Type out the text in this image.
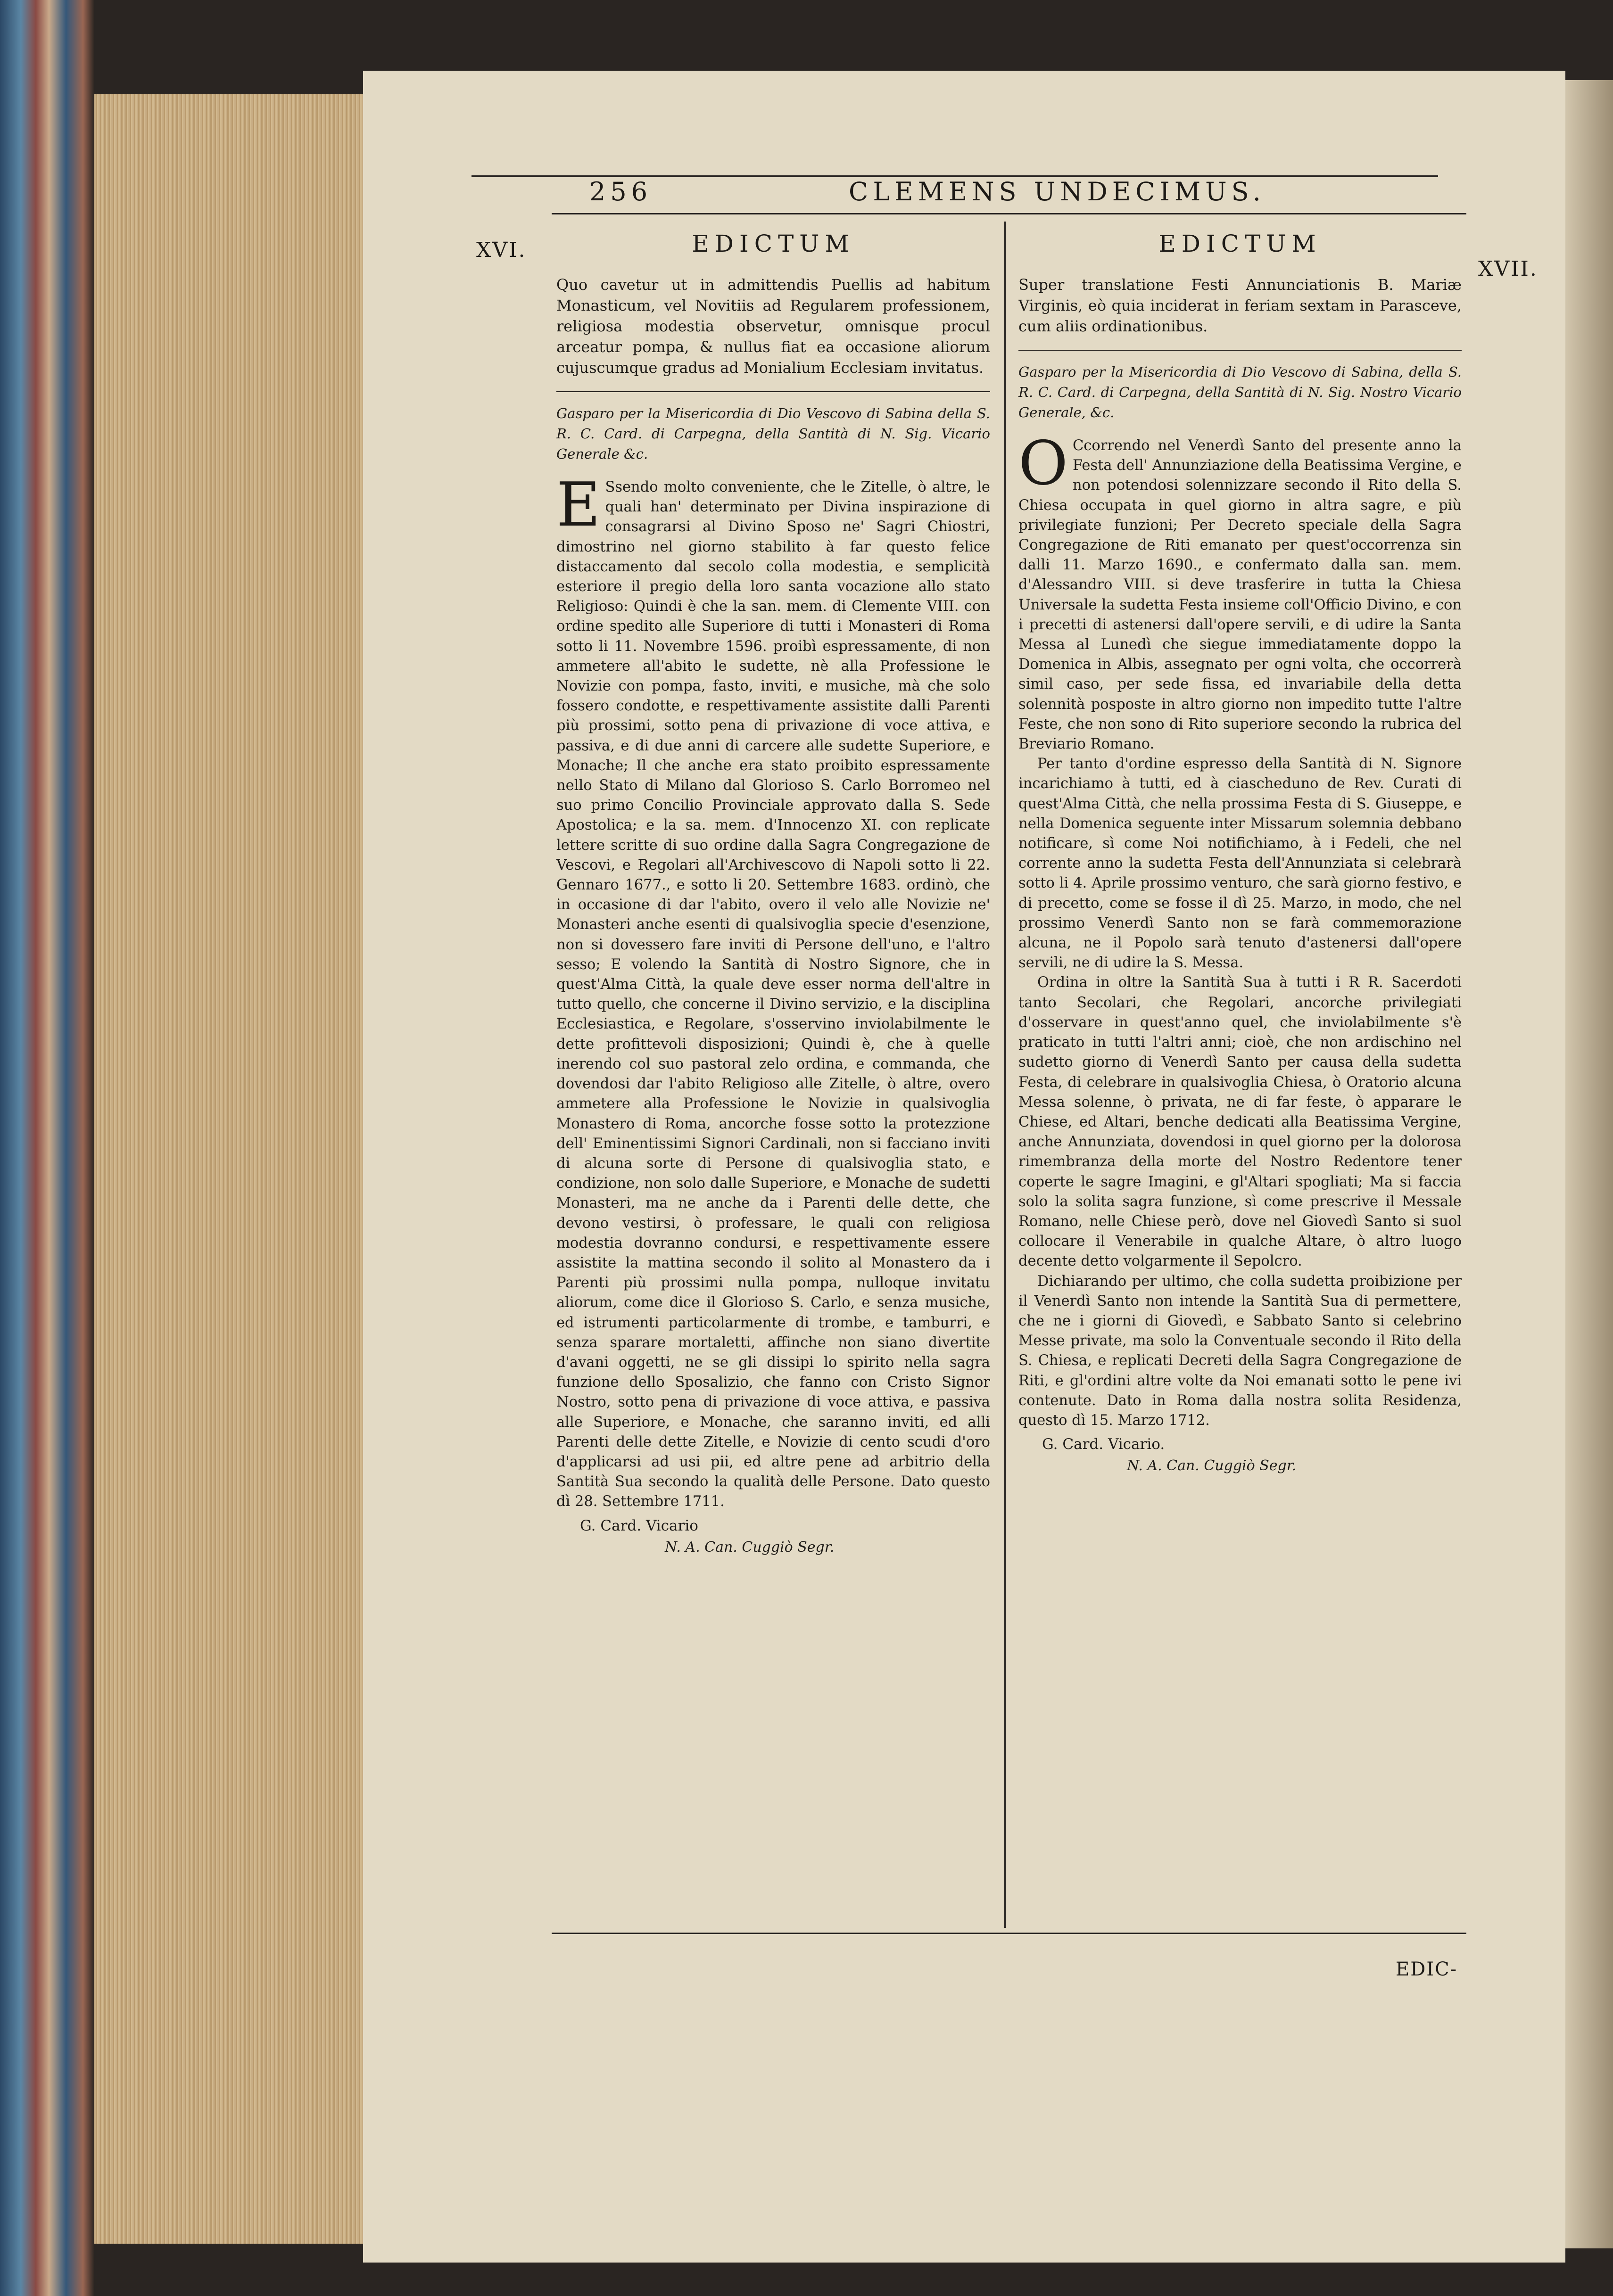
256	CLEMENS UNDECIMUS.
XVI.
XVII.
EDICTUM
Quo cavetur ut in admittendis Puellis ad habitum Monasticum, vel Novitiis ad Regularem professionem, religiosa modestia observetur, omnisque procul arceatur pompa, & nullus fiat ea occasione aliorum cujuscumque gradus ad Monialium Ecclesiam invitatus.
Gasparo per la Misericordia di Dio Vescovo di Sabina della S. R. C. Card. di Carpegna, della Santità di N. Sig. Vicario Generale &c.
E Ssendo molto conveniente, che le Zitelle, ò altre, le quali han' determinato per Divina inspirazione di consagrarsi al Divino Sposo ne' Sagri Chiostri, dimostrino nel giorno stabilito à far questo felice distaccamento dal secolo colla modestia, e semplicità esteriore il pregio della loro santa vocazione allo stato Religioso: Quindi è che la san. mem. di Clemente VIII. con ordine spedito alle Superiore di tutti i Monasteri di Roma sotto li 11. Novembre 1596. proibì espressamente, di non ammetere all'abito le sudette, nè alla Professione le Novizie con pompa, fasto, inviti, e musiche, mà che solo fossero condotte, e respettivamente assistite dalli Parenti più prossimi, sotto pena di privazione di voce attiva, e passiva, e di due anni di carcere alle sudette Superiore, e Monache; Il che anche era stato proibito espressamente nello Stato di Milano dal Glorioso S. Carlo Borromeo nel suo primo Concilio Provinciale approvato dalla S. Sede Apostolica; e la sa. mem. d'Innocenzo XI. con replicate lettere scritte di suo ordine dalla Sagra Congregazione de Vescovi, e Regolari all'Archivescovo di Napoli sotto li 22. Gennaro 1677., e sotto li 20. Settembre 1683. ordinò, che in occasione di dar l'abito, overo il velo alle Novizie ne' Monasteri anche esenti di qualsivoglia specie d'esenzione, non si dovessero fare inviti di Persone dell'uno, e l'altro sesso; E volendo la Santità di Nostro Signore, che in quest'Alma Città, la quale deve esser norma dell'altre in tutto quello, che concerne il Divino servizio, e la disciplina Ecclesiastica, e Regolare, s'osservino inviolabilmente le dette profittevoli disposizioni; Quindi è, che à quelle inerendo col suo pastoral zelo ordina, e commanda, che dovendosi dar l'abito Religioso alle Zitelle, ò altre, overo ammetere alla Professione le Novizie in qualsivoglia Monastero di Roma, ancorche fosse sotto la protezzione dell' Eminentissimi Signori Cardinali, non si facciano inviti di alcuna sorte di Persone di qualsivoglia stato, e condizione, non solo dalle Superiore, e Monache de sudetti Monasteri, ma ne anche da i Parenti delle dette, che devono vestirsi, ò professare, le quali con religiosa modestia dovranno condursi, e respettivamente essere assistite la mattina secondo il solito al Monastero da i Parenti più prossimi nulla pompa, nulloque invitatu aliorum, come dice il Glorioso S. Carlo, e senza musiche, ed istrumenti particolarmente di trombe, e tamburri, e senza sparare mortaletti, affinche non siano divertite d'avani oggetti, ne se gli dissipi lo spirito nella sagra funzione dello Sposalizio, che fanno con Cristo Signor Nostro, sotto pena di privazione di voce attiva, e passiva alle Superiore, e Monache, che saranno inviti, ed alli Parenti delle dette Zitelle, e Novizie di cento scudi d'oro d'applicarsi ad usi pii, ed altre pene ad arbitrio della Santità Sua secondo la qualità delle Persone. Dato questo dì 28. Settembre 1711.

G. Card. Vicario
N. A. Can. Cuggiò Segr.
EDICTUM
Super translatione Festi Annunciationis B. Mariæ Virginis, eò quia inciderat in feriam sextam in Parasceve, cum aliis ordinationibus.
Gasparo per la Misericordia di Dio Vescovo di Sabina, della S. R. C. Card. di Carpegna, della Santità di N. Sig. Nostro Vicario Generale, &c.
O Ccorrendo nel Venerdì Santo del presente anno la Festa dell' Annunziazione della Beatissima Vergine, e non potendosi solennizzare secondo il Rito della S. Chiesa occupata in quel giorno in altra sagre, e più privilegiate funzioni; Per Decreto speciale della Sagra Congregazione de Riti emanato per quest'occorrenza sin dalli 11. Marzo 1690., e confermato dalla san. mem. d'Alessandro VIII. si deve trasferire in tutta la Chiesa Universale la sudetta Festa insieme coll'Officio Divino, e con i precetti di astenersi dall'opere servili, e di udire la Santa Messa al Lunedì che siegue immediatamente doppo la Domenica in Albis, assegnato per ogni volta, che occorrerà simil caso, per sede fissa, ed invariabile della detta solennità posposte in altro giorno non impedito tutte l'altre Feste, che non sono di Rito superiore secondo la rubrica del Breviario Romano.

Per tanto d'ordine espresso della Santità di N. Signore incarichiamo à tutti, ed à ciascheduno de Rev. Curati di quest'Alma Città, che nella prossima Festa di S. Giuseppe, e nella Domenica seguente inter Missarum solemnia debbano notificare, sì come Noi notifichiamo, à i Fedeli, che nel corrente anno la sudetta Festa dell'Annunziata si celebrarà sotto li 4. Aprile prossimo venturo, che sarà giorno festivo, e di precetto, come se fosse il dì 25. Marzo, in modo, che nel prossimo Venerdì Santo non se farà commemorazione alcuna, ne il Popolo sarà tenuto d'astenersi dall'opere servili, ne di udire la S. Messa.

Ordina in oltre la Santità Sua à tutti i R R. Sacerdoti tanto Secolari, che Regolari, ancorche privilegiati d'osservare in quest'anno quel, che inviolabilmente s'è praticato in tutti l'altri anni; cioè, che non ardischino nel sudetto giorno di Venerdì Santo per causa della sudetta Festa, di celebrare in qualsivoglia Chiesa, ò Oratorio alcuna Messa solenne, ò privata, ne di far feste, ò apparare le Chiese, ed Altari, benche dedicati alla Beatissima Vergine, anche Annunziata, dovendosi in quel giorno per la dolorosa rimembranza della morte del Nostro Redentore tener coperte le sagre Imagini, e gl'Altari spogliati; Ma si faccia solo la solita sagra funzione, sì come prescrive il Messale Romano, nelle Chiese però, dove nel Giovedì Santo si suol collocare il Venerabile in qualche Altare, ò altro luogo decente detto volgarmente il Sepolcro.

Dichiarando per ultimo, che colla sudetta proibizione per il Venerdì Santo non intende la Santità Sua di permettere, che ne i giorni di Giovedì, e Sabbato Santo si celebrino Messe private, ma solo la Conventuale secondo il Rito della S. Chiesa, e replicati Decreti della Sagra Congregazione de Riti, e gl'ordini altre volte da Noi emanati sotto le pene ivi contenute. Dato in Roma dalla nostra solita Residenza, questo dì 15. Marzo 1712.

G. Card. Vicario.
N. A. Can. Cuggiò Segr.
EDIC-
